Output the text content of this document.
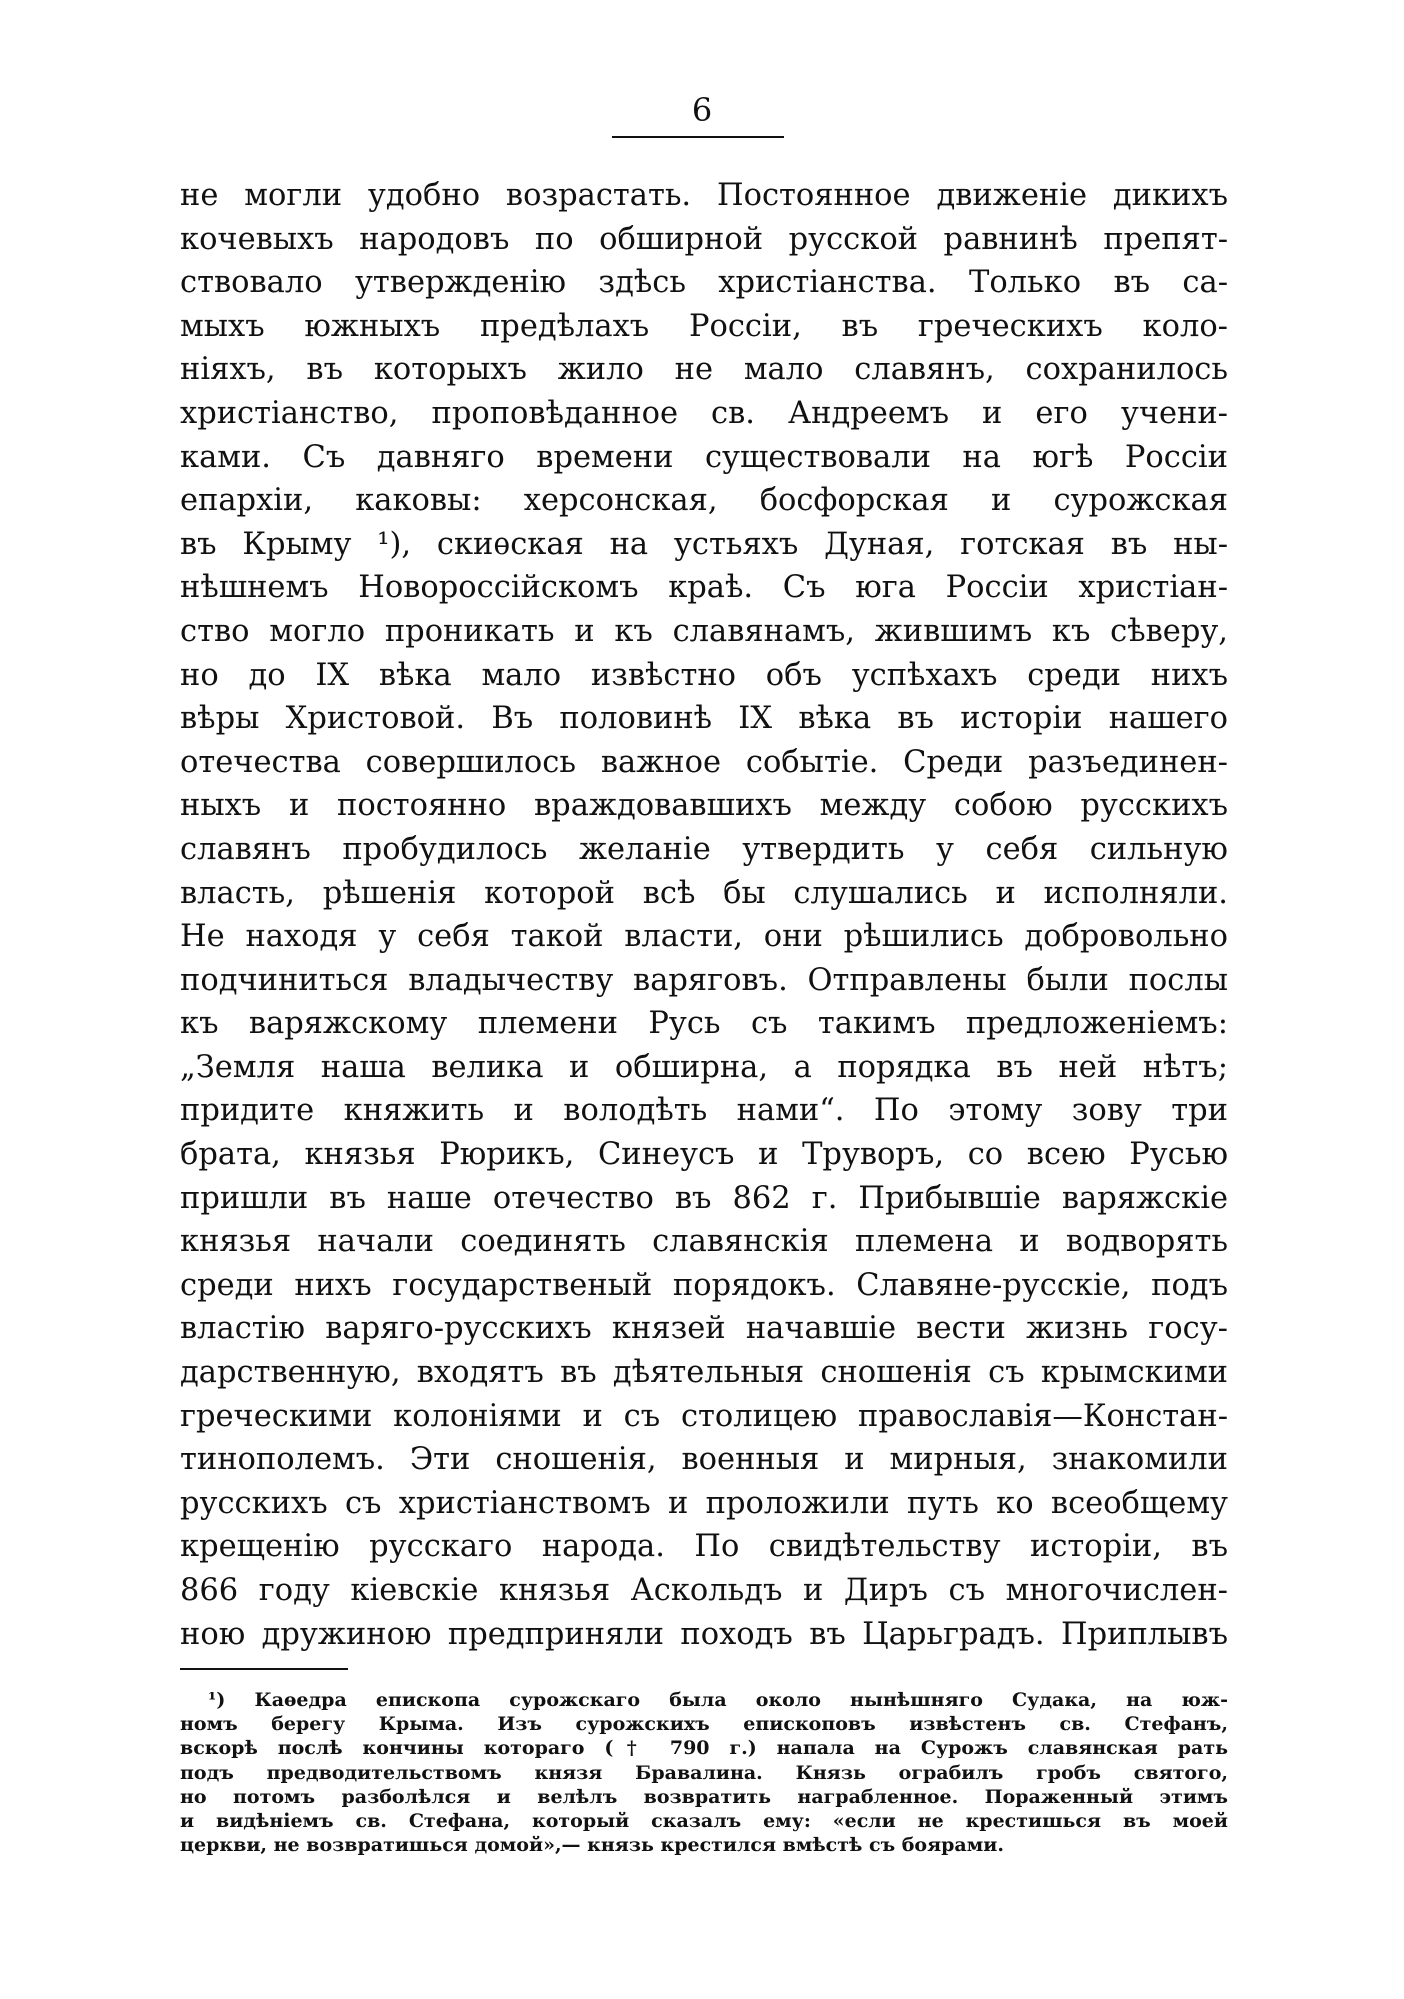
6
не могли удобно возрастать. Постоянное движеніе дикихъ
кочевыхъ народовъ по обширной русской равнинѣ препят-
ствовало утвержденію здѣсь христіанства. Только въ са-
мыхъ южныхъ предѣлахъ Россіи, въ греческихъ коло-
ніяхъ, въ которыхъ жило не мало славянъ, сохранилось
христіанство, проповѣданное св. Андреемъ и его учени-
ками. Съ давняго времени существовали на югѣ Россіи
епархіи, каковы: херсонская, босфорская и сурожская
въ Крыму ¹), скиѳская на устьяхъ Дуная, готская въ ны-
нѣшнемъ Новороссійскомъ краѣ. Съ юга Россіи христіан-
ство могло проникать и къ славянамъ, жившимъ къ сѣверу,
но до IX вѣка мало извѣстно объ успѣхахъ среди нихъ
вѣры Христовой. Въ половинѣ IX вѣка въ исторіи нашего
отечества совершилось важное событіе. Среди разъединен-
ныхъ и постоянно враждовавшихъ между собою русскихъ
славянъ пробудилось желаніе утвердить у себя сильную
власть, рѣшенія которой всѣ бы слушались и исполняли.
Не находя у себя такой власти, они рѣшились добровольно
подчиниться владычеству варяговъ. Отправлены были послы
къ варяжскому племени Русь съ такимъ предложеніемъ:
„Земля наша велика и обширна, а порядка въ ней нѣтъ;
придите княжить и володѣть нами“. По этому зову три
брата, князья Рюрикъ, Синеусъ и Труворъ, со всею Русью
пришли въ наше отечество въ 862 г. Прибывшіе варяжскіе
князья начали соединять славянскія племена и водворять
среди нихъ государственый порядокъ. Славяне-русскіе, подъ
властію варяго-русскихъ князей начавшіе вести жизнь госу-
дарственную, входятъ въ дѣятельныя сношенія съ крымскими
греческими колоніями и съ столицею православія—Констан-
тинополемъ. Эти сношенія, военныя и мирныя, знакомили
русскихъ съ христіанствомъ и проложили путь ко всеобщему
крещенію русскаго народа. По свидѣтельству исторіи, въ
866 году кіевскіе князья Аскольдъ и Диръ съ многочислен-
ною дружиною предприняли походъ въ Царьградъ. Приплывъ
¹) Каѳедра епископа сурожскаго была около нынѣшняго Судака, на юж-
номъ берегу Крыма. Изъ сурожскихъ епископовъ извѣстенъ св. Стефанъ,
вскорѣ послѣ кончины котораго († 790 г.) напала на Сурожъ славянская рать
подъ предводительствомъ князя Бравалина. Князь ограбилъ гробъ святого,
но потомъ разболѣлся и велѣлъ возвратить награбленное. Пораженный этимъ
и видѣніемъ св. Стефана, который сказалъ ему: «если не крестишься въ моей
церкви, не возвратишься домой»,— князь крестился вмѣстѣ съ боярами.
